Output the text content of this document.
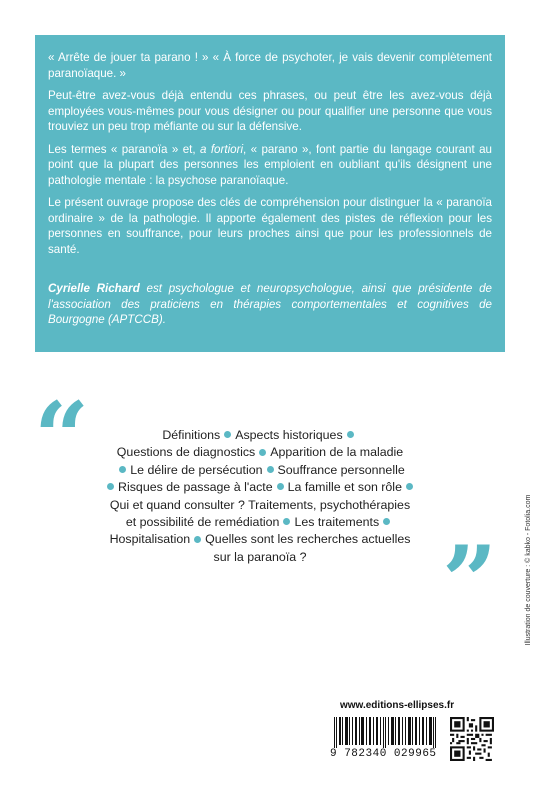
« Arrête de jouer ta parano ! » « À force de psychoter, je vais devenir complètement paranoïaque. »

Peut-être avez-vous déjà entendu ces phrases, ou peut être les avez-vous déjà employées vous-mêmes pour vous désigner ou pour qualifier une personne que vous trouviez un peu trop méfiante ou sur la défensive.

Les termes « paranoïa » et, a fortiori, « parano », font partie du langage courant au point que la plupart des personnes les emploient en oubliant qu'ils désignent une pathologie mentale : la psychose paranoïaque.

Le présent ouvrage propose des clés de compréhension pour distinguer la « paranoïa ordinaire » de la pathologie. Il apporte également des pistes de réflexion pour les personnes en souffrance, pour leurs proches ainsi que pour les professionnels de santé.

Cyrielle Richard est psychologue et neuropsychologue, ainsi que présidente de l'association des praticiens en thérapies comportementales et cognitives de Bourgogne (APTCCB).

“	Définitions Aspects historiques
Questions de diagnostics Apparition de la maladie
Le délire de persécution Souffrance personnelle
Risques de passage à l'acte La famille et son rôle
Qui et quand consulter ? Traitements, psychothérapies
et possibilité de remédiation Les traitements
Hospitalisation Quelles sont les recherches actuelles
sur la paranoïa ?	”	Illustration de couverture : © kabko - Fotolia.com
www.editions-ellipses.fr
9 782340 029965
